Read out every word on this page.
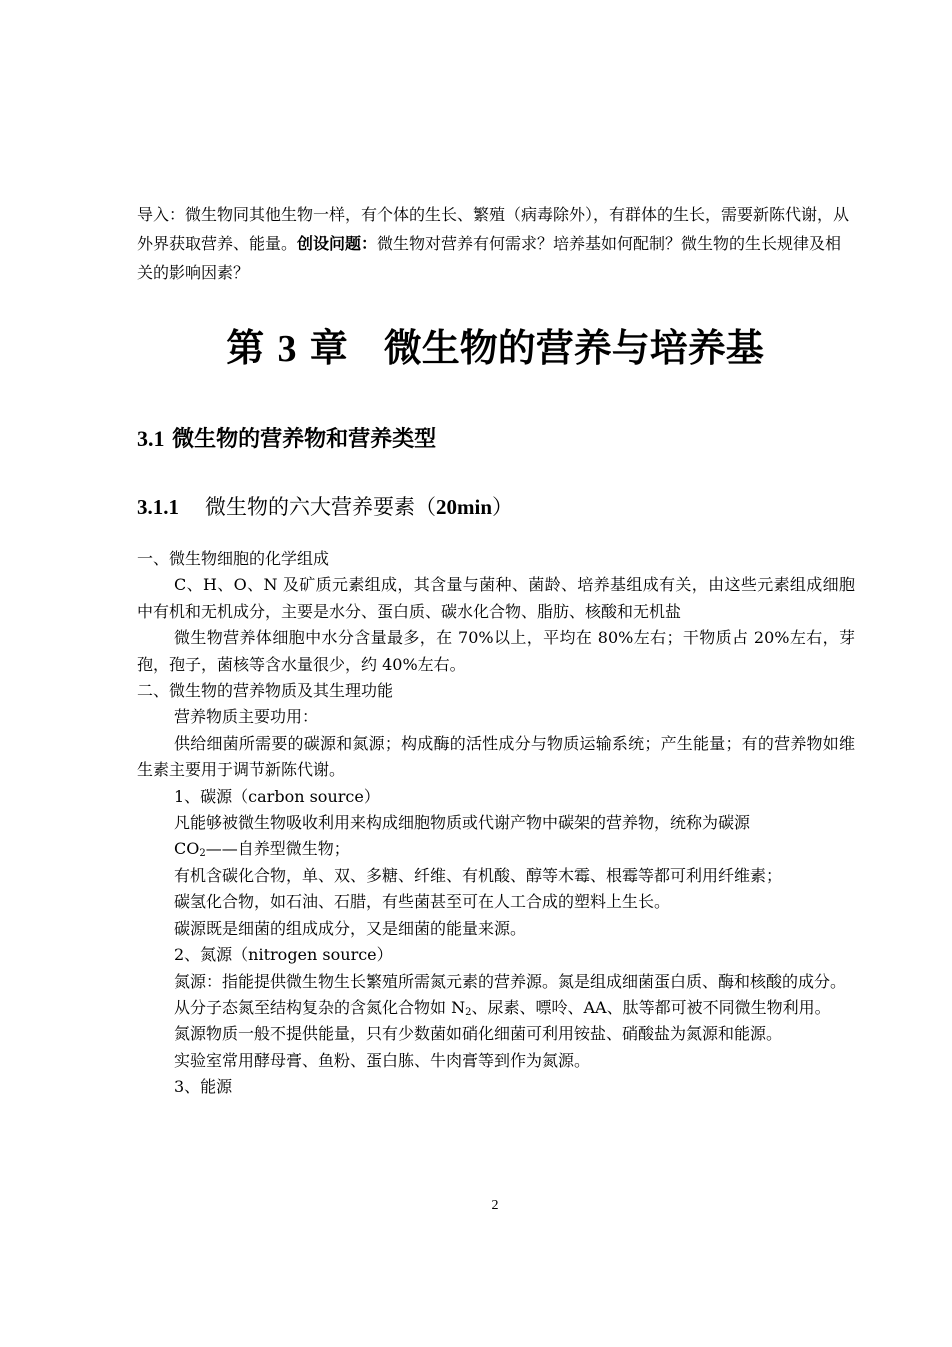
导入：微生物同其他生物一样，有个体的生长、繁殖（病毒除外），有群体的生长，需要新陈代谢，从外界获取营养、能量。创设问题：微生物对营养有何需求？培养基如何配制？微生物的生长规律及相关的影响因素？
第 3 章 微生物的营养与培养基
3.1 微生物的营养物和营养类型
3.1.1 微生物的六大营养要素（20min）

一、微生物细胞的化学组成

C、H、O、N 及矿质元素组成，其含量与菌种、菌龄、培养基组成有关，由这些元素组成细胞中有机和无机成分，主要是水分、蛋白质、碳水化合物、脂肪、核酸和无机盐

微生物营养体细胞中水分含量最多，在 70%以上，平均在 80%左右；干物质占 20%左右，芽孢，孢子，菌核等含水量很少，约 40%左右。

二、微生物的营养物质及其生理功能

营养物质主要功用：

供给细菌所需要的碳源和氮源；构成酶的活性成分与物质运输系统；产生能量；有的营养物如维生素主要用于调节新陈代谢。

1、碳源（carbon source）

凡能够被微生物吸收利用来构成细胞物质或代谢产物中碳架的营养物，统称为碳源

$CO_2——$自养型微生物；

有机含碳化合物，单、双、多糖、纤维、有机酸、醇等木霉、根霉等都可利用纤维素；

碳氢化合物，如石油、石腊，有些菌甚至可在人工合成的塑料上生长。

碳源既是细菌的组成成分，又是细菌的能量来源。

2、氮源（nitrogen source）

氮源：指能提供微生物生长繁殖所需氮元素的营养源。氮是组成细菌蛋白质、酶和核酸的成分。

从分子态氮至结构复杂的含氮化合物如 $N_2$、尿素、嘌呤、AA、肽等都可被不同微生物利用。

氮源物质一般不提供能量，只有少数菌如硝化细菌可利用铵盐、硝酸盐为氮源和能源。

实验室常用酵母膏、鱼粉、蛋白胨、牛肉膏等到作为氮源。

3、能源

2
